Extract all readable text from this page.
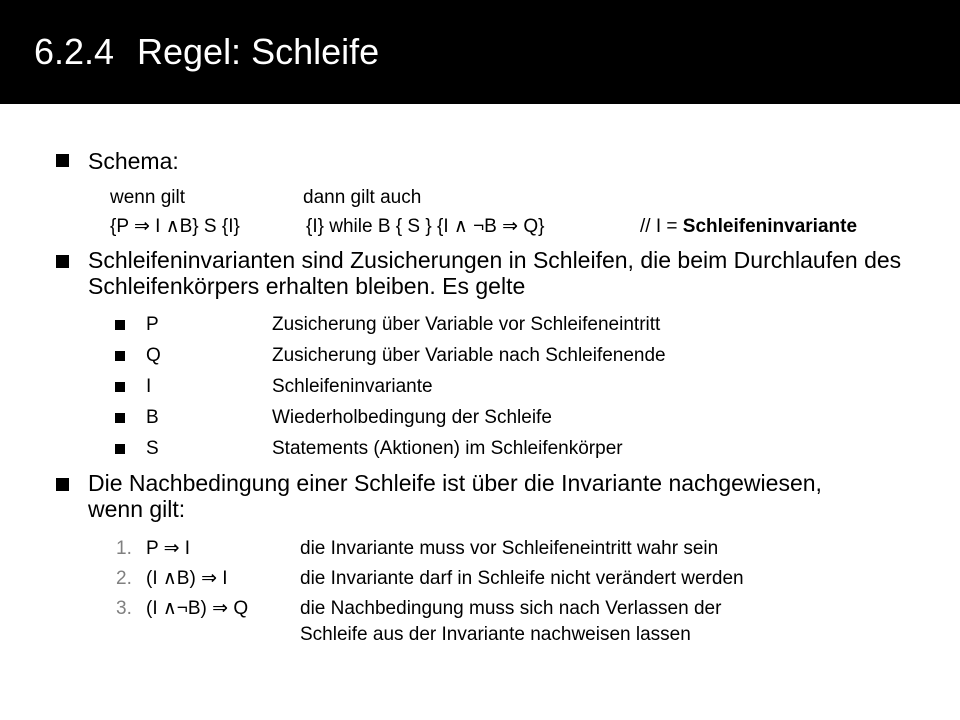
6.2.4 Regel: Schleife
Schema:
wenn gilt	dann gilt auch
{P ⇒ I ∧B} S {I}	{I} while B { S } {I ∧ ¬B ⇒ Q}	// I = Schleifeninvariante
Schleifeninvarianten sind Zusicherungen in Schleifen, die beim Durchlaufen des Schleifenkörpers erhalten bleiben. Es gelte
P	Zusicherung über Variable vor Schleifeneintritt
Q	Zusicherung über Variable nach Schleifenende
I	Schleifeninvariante
B	Wiederholbedingung der Schleife
S	Statements (Aktionen) im Schleifenkörper
Die Nachbedingung einer Schleife ist über die Invariante nachgewiesen, wenn gilt:
1. P ⇒ I	die Invariante muss vor Schleifeneintritt wahr sein
2. (I ∧B) ⇒ I	die Invariante darf in Schleife nicht verändert werden
3. (I ∧¬B) ⇒ Q	die Nachbedingung muss sich nach Verlassen der
Schleife aus der Invariante nachweisen lassen
